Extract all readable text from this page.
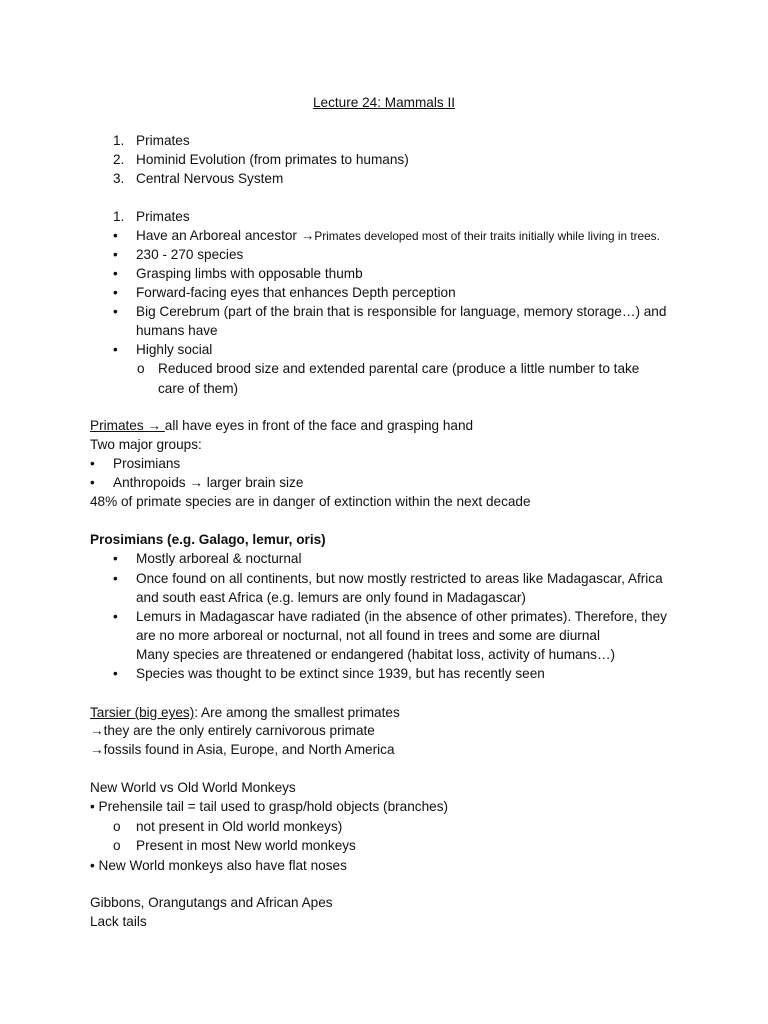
Lecture 24: Mammals II
1. Primates
2. Hominid Evolution (from primates to humans)
3. Central Nervous System
1. Primates
• Have an Arboreal ancestor →Primates developed most of their traits initially while living in trees.
• 230 - 270 species
• Grasping limbs with opposable thumb
• Forward-facing eyes that enhances Depth perception
• Big Cerebrum (part of the brain that is responsible for language, memory storage…) and
humans have
• Highly social
o Reduced brood size and extended parental care (produce a little number to take
care of them)
Primates → all have eyes in front of the face and grasping hand
Two major groups:
• Prosimians
• Anthropoids → larger brain size
48% of primate species are in danger of extinction within the next decade
Prosimians (e.g. Galago, lemur, oris)
• Mostly arboreal & nocturnal
• Once found on all continents, but now mostly restricted to areas like Madagascar, Africa
and south east Africa (e.g. lemurs are only found in Madagascar)
• Lemurs in Madagascar have radiated (in the absence of other primates). Therefore, they
are no more arboreal or nocturnal, not all found in trees and some are diurnal
Many species are threatened or endangered (habitat loss, activity of humans…)
• Species was thought to be extinct since 1939, but has recently seen
Tarsier (big eyes): Are among the smallest primates
→they are the only entirely carnivorous primate
→fossils found in Asia, Europe, and North America
New World vs Old World Monkeys
• Prehensile tail = tail used to grasp/hold objects (branches)
o not present in Old world monkeys)
o Present in most New world monkeys
• New World monkeys also have flat noses
Gibbons, Orangutangs and African Apes
Lack tails
